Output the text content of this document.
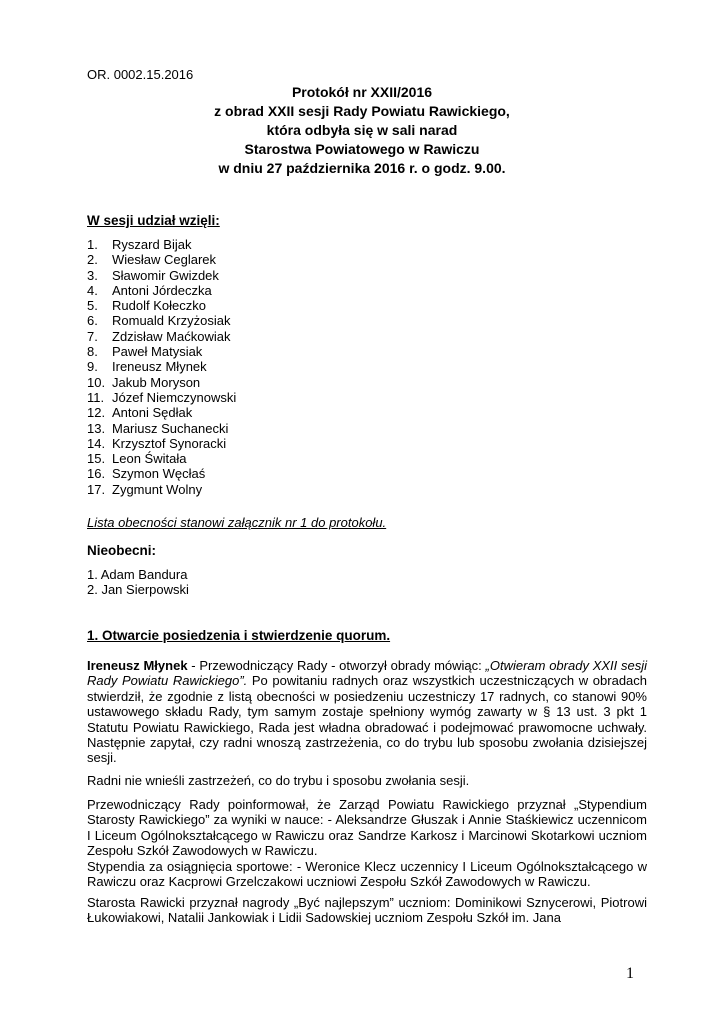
OR. 0002.15.2016
Protokół nr XXII/2016
z obrad XXII sesji Rady Powiatu Rawickiego,
która odbyła się w sali narad
Starostwa Powiatowego w Rawiczu
w dniu 27 października 2016 r. o godz. 9.00.
W sesji udział wzięli:
1.	Ryszard Bijak
2.	Wiesław Ceglarek
3.	Sławomir Gwizdek
4.	Antoni Jórdeczka
5.	Rudolf Kołeczko
6.	Romuald Krzyżosiak
7.	Zdzisław Maćkowiak
8.	Paweł Matysiak
9.	Ireneusz Młynek
10. Jakub Moryson
11. Józef Niemczynowski
12. Antoni Sędłak
13. Mariusz Suchanecki
14. Krzysztof Synoracki
15. Leon Świtała
16. Szymon Węcłaś
17. Zygmunt Wolny
Lista obecności stanowi załącznik nr 1 do protokołu.
Nieobecni:
1. Adam Bandura
2. Jan Sierpowski
1. Otwarcie posiedzenia i stwierdzenie quorum.

Ireneusz Młynek - Przewodniczący Rady - otworzył obrady mówiąc: „Otwieram obrady XXII sesji Rady Powiatu Rawickiego”. Po powitaniu radnych oraz wszystkich uczestniczących w obradach stwierdził, że zgodnie z listą obecności w posiedzeniu uczestniczy 17 radnych, co stanowi 90% ustawowego składu Rady, tym samym zostaje spełniony wymóg zawarty w § 13 ust. 3 pkt 1 Statutu Powiatu Rawickiego, Rada jest władna obradować i podejmować prawomocne uchwały. Następnie zapytał, czy radni wnoszą zastrzeżenia, co do trybu lub sposobu zwołania dzisiejszej sesji.

Radni nie wnieśli zastrzeżeń, co do trybu i sposobu zwołania sesji.

Przewodniczący Rady poinformował, że Zarząd Powiatu Rawickiego przyznał „Stypendium Starosty Rawickiego” za wyniki w nauce: - Aleksandrze Głuszak i Annie Staśkiewicz uczennicom I Liceum Ogólnokształcącego w Rawiczu oraz Sandrze Karkosz i Marcinowi Skotarkowi uczniom Zespołu Szkół Zawodowych w Rawiczu.

Stypendia za osiągnięcia sportowe: - Weronice Klecz uczennicy I Liceum Ogólnokształcącego w Rawiczu oraz Kacprowi Grzelczakowi uczniowi Zespołu Szkół Zawodowych w Rawiczu.

Starosta Rawicki przyznał nagrody „Być najlepszym” uczniom: Dominikowi Sznycerowi, Piotrowi Łukowiakowi, Natalii Jankowiak i Lidii Sadowskiej uczniom Zespołu Szkół im. Jana

1
